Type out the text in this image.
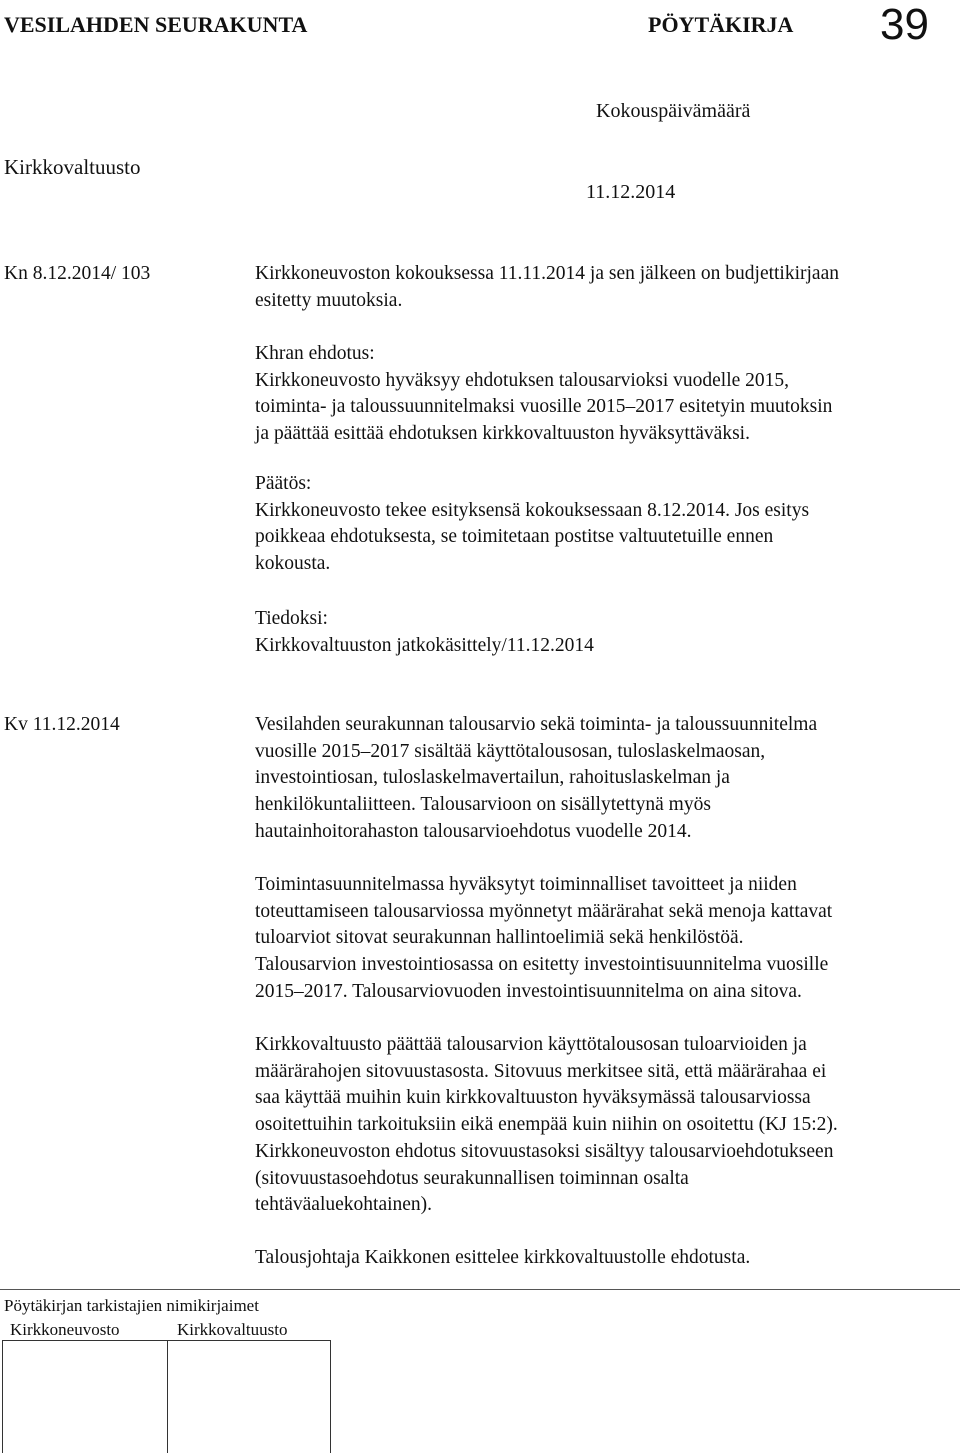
VESILAHDEN SEURAKUNTA	PÖYTÄKIRJA 39
Kokouspäivämäärä
Kirkkovaltuusto
11.12.2014
Kn 8.12.2014/ 103	Kirkkoneuvoston kokouksessa 11.11.2014 ja sen jälkeen on budjettikirjaan
esitetty muutoksia.
Khran ehdotus:
Kirkkoneuvosto hyväksyy ehdotuksen talousarvioksi vuodelle 2015,
toiminta- ja taloussuunnitelmaksi vuosille 2015‒2017 esitetyin muutoksin
ja päättää esittää ehdotuksen kirkkovaltuuston hyväksyttäväksi.
Päätös:
Kirkkoneuvosto tekee esityksensä kokouksessaan 8.12.2014. Jos esitys
poikkeaa ehdotuksesta, se toimitetaan postitse valtuutetuille ennen
kokousta.
Tiedoksi:
Kirkkovaltuuston jatkokäsittely/11.12.2014
Kv 11.12.2014	Vesilahden seurakunnan talousarvio sekä toiminta- ja taloussuunnitelma
vuosille 2015‒2017 sisältää käyttötalousosan, tuloslaskelmaosan,
investointiosan, tuloslaskelmavertailun, rahoituslaskelman ja
henkilökuntaliitteen. Talousarvioon on sisällytettynä myös
hautainhoitorahaston talousarvioehdotus vuodelle 2014.
Toimintasuunnitelmassa hyväksytyt toiminnalliset tavoitteet ja niiden
toteuttamiseen talousarviossa myönnetyt määrärahat sekä menoja kattavat
tuloarviot sitovat seurakunnan hallintoelimiä sekä henkilöstöä.
Talousarvion investointiosassa on esitetty investointisuunnitelma vuosille
2015‒2017. Talousarviovuoden investointisuunnitelma on aina sitova.
Kirkkovaltuusto päättää talousarvion käyttötalousosan tuloarvioiden ja
määrärahojen sitovuustasosta. Sitovuus merkitsee sitä, että määrärahaa ei
saa käyttää muihin kuin kirkkovaltuuston hyväksymässä talousarviossa
osoitettuihin tarkoituksiin eikä enempää kuin niihin on osoitettu (KJ 15:2).
Kirkkoneuvoston ehdotus sitovuustasoksi sisältyy talousarvioehdotukseen
(sitovuustasoehdotus seurakunnallisen toiminnan osalta
tehtäväaluekohtainen).
Talousjohtaja Kaikkonen esittelee kirkkovaltuustolle ehdotusta.
Pöytäkirjan tarkistajien nimikirjaimet
Kirkkoneuvosto	Kirkkovaltuusto
